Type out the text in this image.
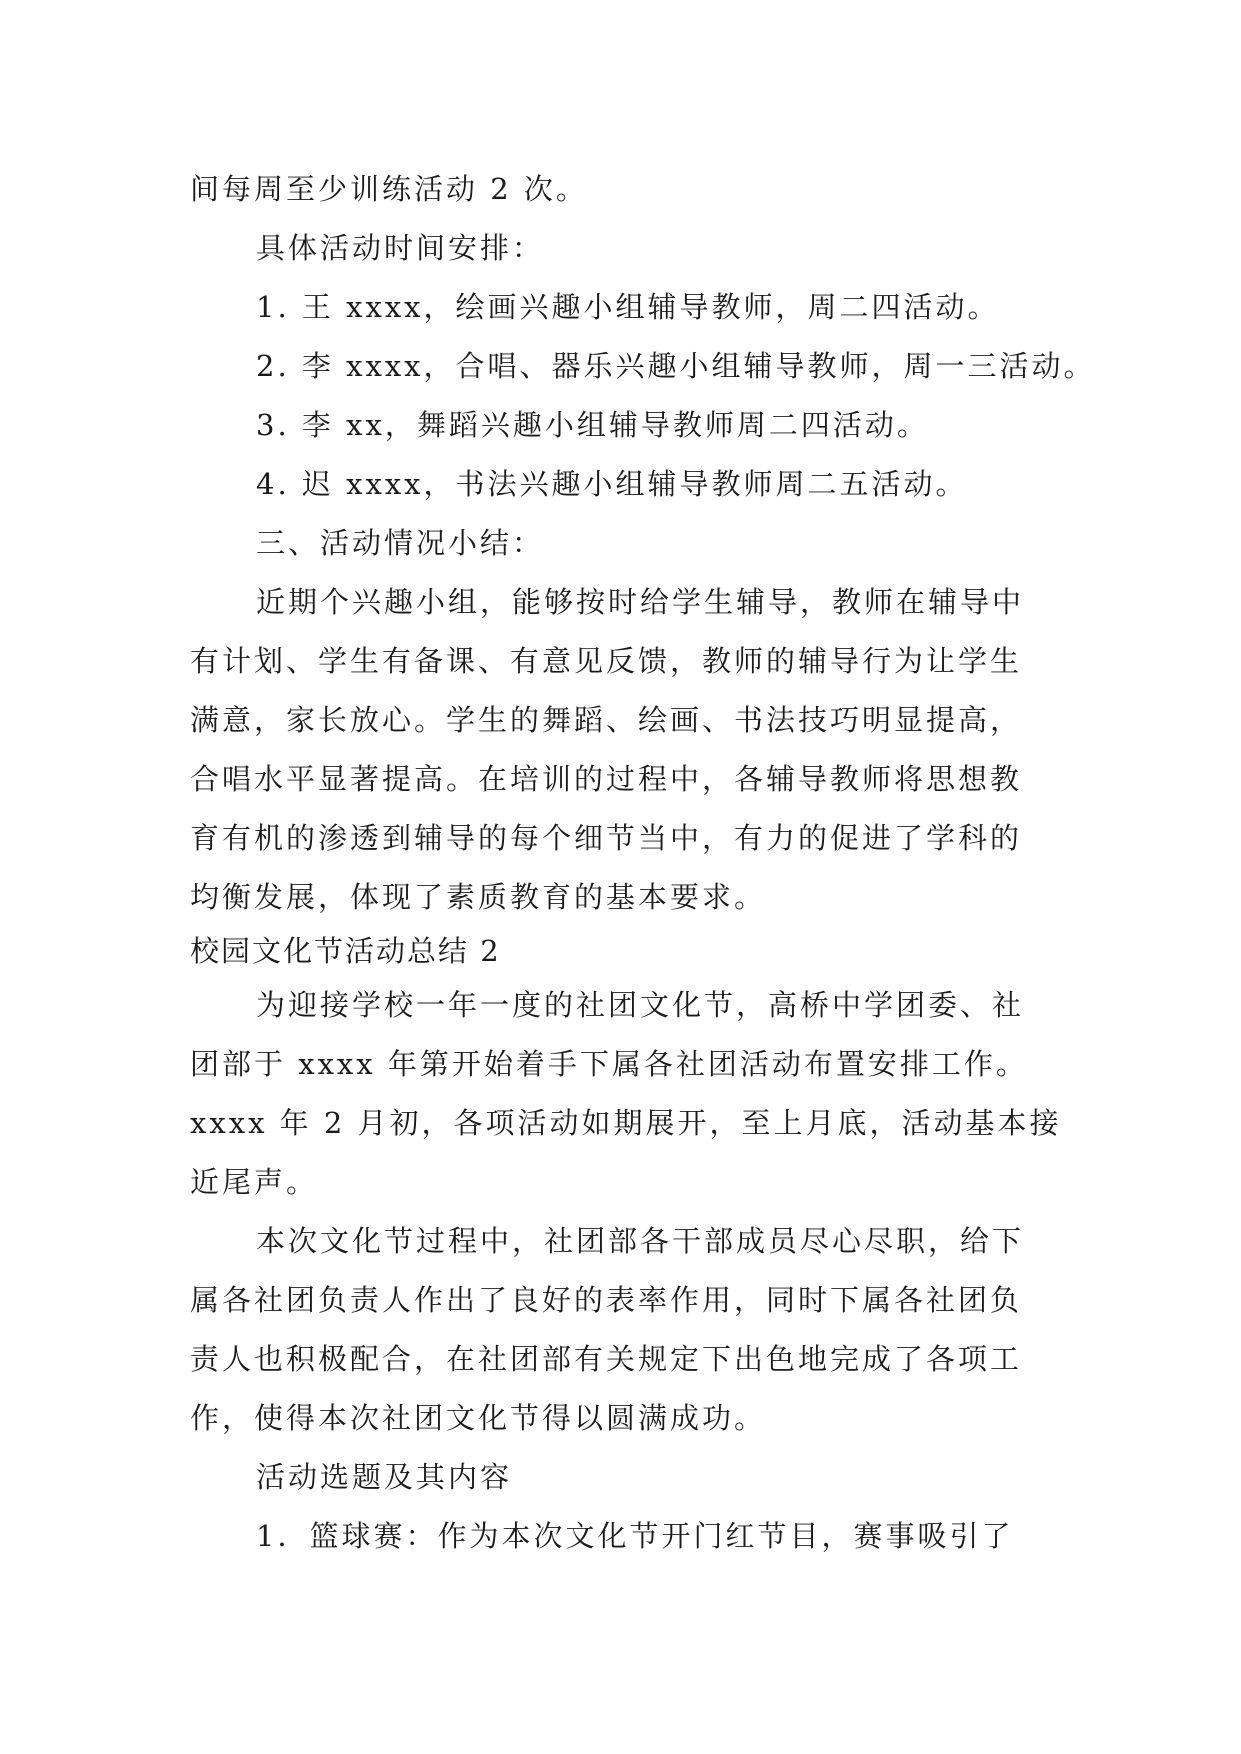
间每周至少训练活动 2 次。
具体活动时间安排：
1. 王 xxxx，绘画兴趣小组辅导教师，周二四活动。
2. 李 xxxx，合唱、器乐兴趣小组辅导教师，周一三活动。
3. 李 xx，舞蹈兴趣小组辅导教师周二四活动。
4. 迟 xxxx，书法兴趣小组辅导教师周二五活动。
三、活动情况小结：
近期个兴趣小组，能够按时给学生辅导，教师在辅导中
有计划、学生有备课、有意见反馈，教师的辅导行为让学生
满意，家长放心。学生的舞蹈、绘画、书法技巧明显提高，
合唱水平显著提高。在培训的过程中，各辅导教师将思想教
育有机的渗透到辅导的每个细节当中，有力的促进了学科的
均衡发展，体现了素质教育的基本要求。
校园文化节活动总结 2
为迎接学校一年一度的社团文化节，高桥中学团委、社
团部于 xxxx 年第开始着手下属各社团活动布置安排工作。
xxxx 年 2 月初，各项活动如期展开，至上月底，活动基本接
近尾声。
本次文化节过程中，社团部各干部成员尽心尽职，给下
属各社团负责人作出了良好的表率作用，同时下属各社团负
责人也积极配合，在社团部有关规定下出色地完成了各项工
作，使得本次社团文化节得以圆满成功。
活动选题及其内容
1．篮球赛：作为本次文化节开门红节目，赛事吸引了
